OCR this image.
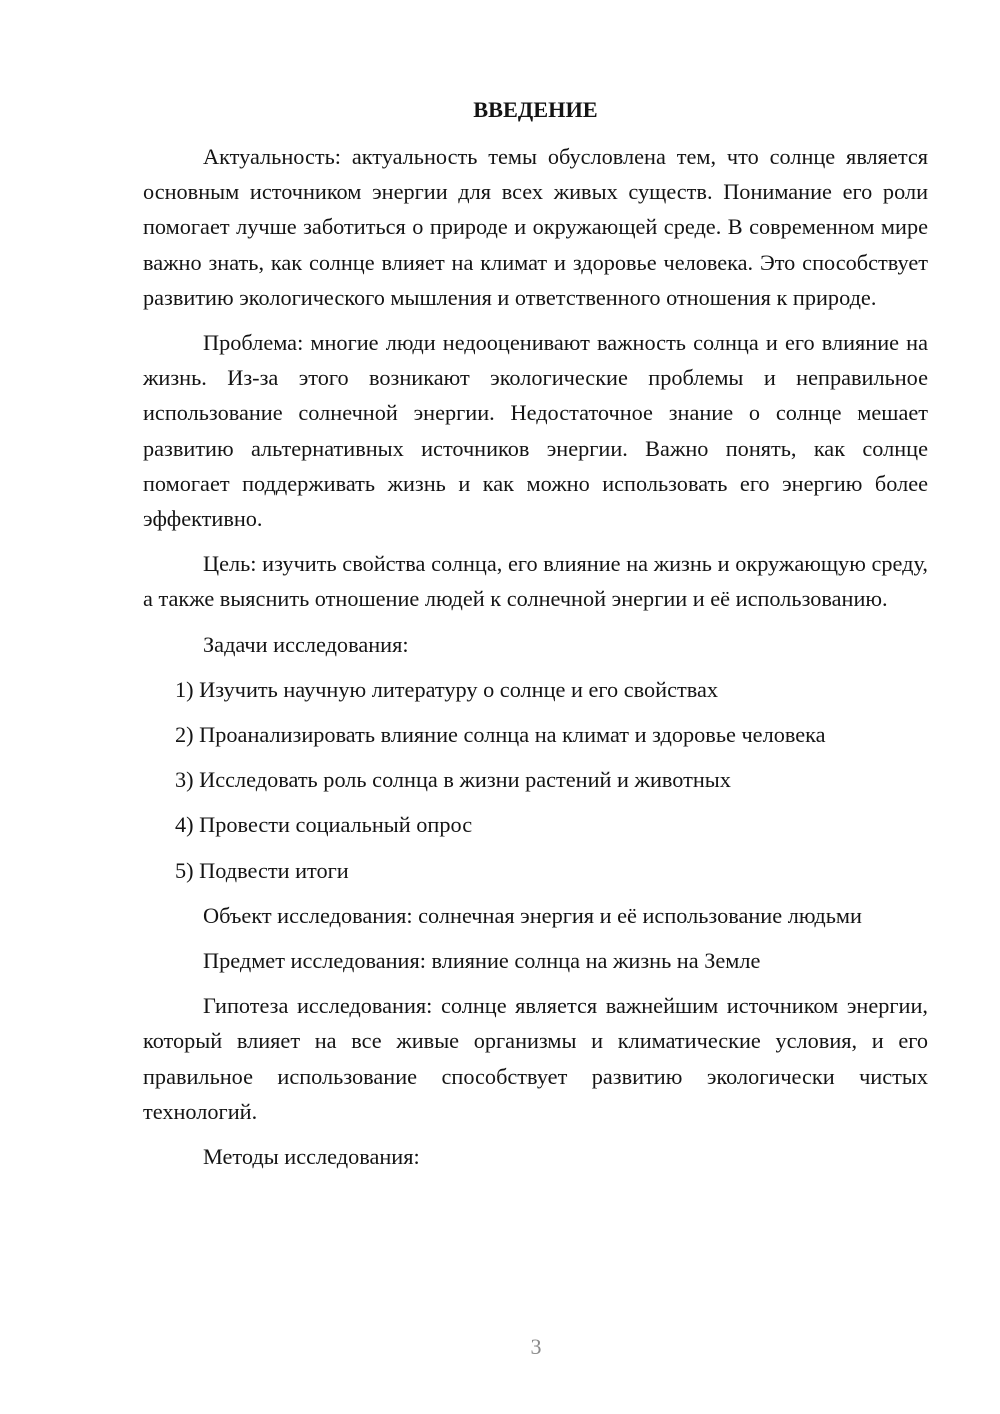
ВВЕДЕНИЕ

Актуальность: актуальность темы обусловлена тем, что солнце является основным источником энергии для всех живых существ. Понимание его роли помогает лучше заботиться о природе и окружающей среде. В современном мире важно знать, как солнце влияет на климат и здоровье человека. Это способствует развитию экологического мышления и ответственного отношения к природе.

Проблема: многие люди недооценивают важность солнца и его влияние на жизнь. Из-за этого возникают экологические проблемы и неправильное использование солнечной энергии. Недостаточное знание о солнце мешает развитию альтернативных источников энергии. Важно понять, как солнце помогает поддерживать жизнь и как можно использовать его энергию более эффективно.

Цель: изучить свойства солнца, его влияние на жизнь и окружающую среду, а также выяснить отношение людей к солнечной энергии и её использованию.

Задачи исследования:

1) Изучить научную литературу о солнце и его свойствах

2) Проанализировать влияние солнца на климат и здоровье человека

3) Исследовать роль солнца в жизни растений и животных

4) Провести социальный опрос

5) Подвести итоги

Объект исследования: солнечная энергия и её использование людьми

Предмет исследования: влияние солнца на жизнь на Земле

Гипотеза исследования: солнце является важнейшим источником энергии, который влияет на все живые организмы и климатические условия, и его правильное использование способствует развитию экологически чистых технологий.

Методы исследования:

3
